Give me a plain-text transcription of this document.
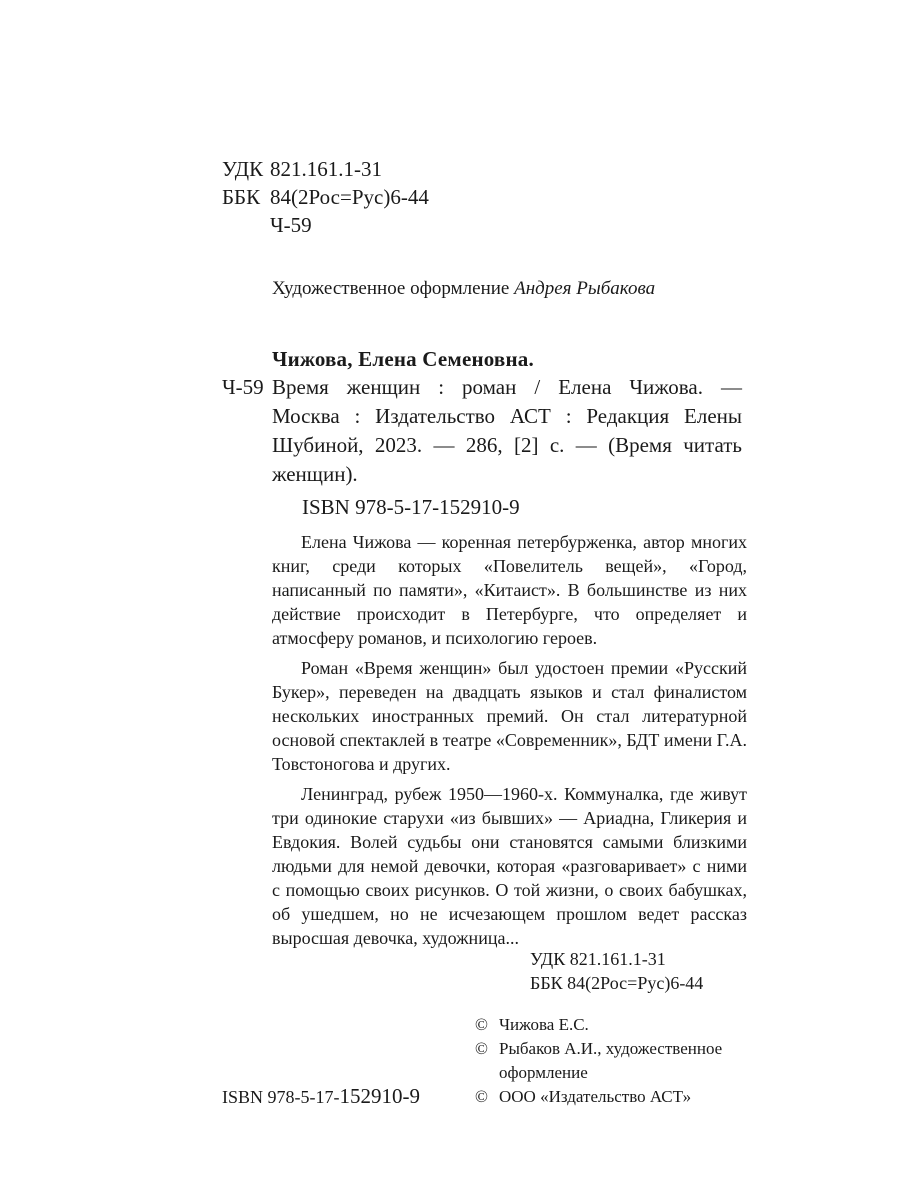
УДК 821.161.1-31
ББК 84(2Рос=Рус)6-44
Ч-59
Художественное оформление Андрея Рыбакова
Чижова, Елена Семеновна.
Ч-59 Время женщин : роман / Елена Чижова. —
Москва : Издательство АСТ : Редакция Елены
Шубиной, 2023. — 286, [2] с. — (Время читать
женщин).
ISBN 978-5-17-152910-9

Елена Чижова — коренная петербурженка, автор многих книг, среди которых «Повелитель вещей», «Город, написанный по памяти», «Китаист». В большинстве из них действие происходит в Петербурге, что определяет и атмосферу романов, и психологию героев.

Роман «Время женщин» был удостоен премии «Русский Букер», переведен на двадцать языков и стал финалистом нескольких иностранных премий. Он стал литературной основой спектаклей в театре «Современник», БДТ имени Г.А. Товстоногова и других.

Ленинград, рубеж 1950—1960-х. Коммуналка, где живут три одинокие старухи «из бывших» — Ариадна, Гликерия и Евдокия. Волей судьбы они становятся самыми близкими людьми для немой девочки, которая «разговаривает» с ними с помощью своих рисунков. О той жизни, о своих бабушках, об ушедшем, но не исчезающем прошлом ведет рассказ выросшая девочка, художница...

УДК 821.161.1-31
ББК 84(2Рос=Рус)6-44
© Чижова Е.С.
© Рыбаков А.И., художественное
оформление
© ООО «Издательство АСТ»
ISBN 978-5-17-152910-9
